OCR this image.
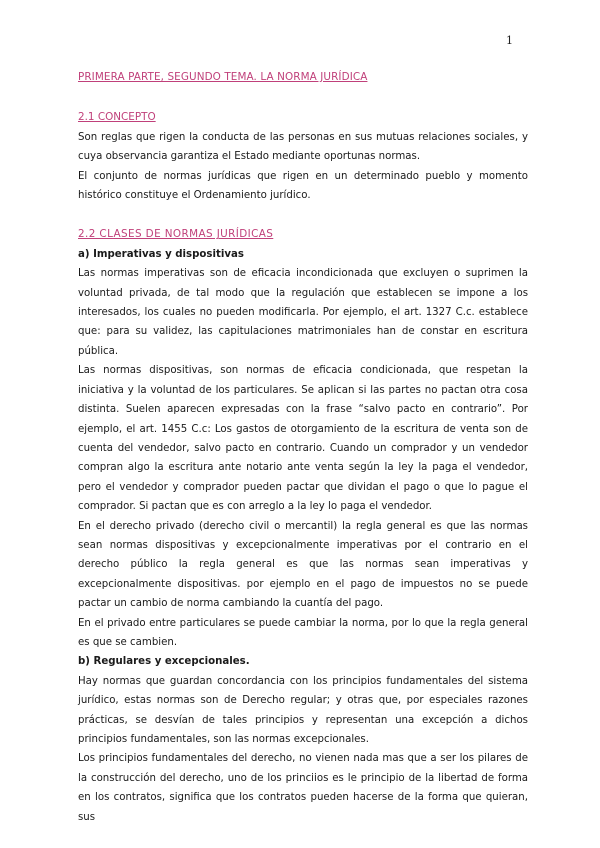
1

PRIMERA PARTE, SEGUNDO TEMA. LA NORMA JURÍDICA

2.1 CONCEPTO

Son reglas que rigen la conducta de las personas en sus mutuas relaciones sociales, y cuya observancia garantiza el Estado mediante oportunas normas.

El conjunto de normas jurídicas que rigen en un determinado pueblo y momento histórico constituye el Ordenamiento jurídico.

2.2 CLASES DE NORMAS JURÍDICAS

a) Imperativas y dispositivas

Las normas imperativas son de eficacia incondicionada que excluyen o suprimen la voluntad privada, de tal modo que la regulación que establecen se impone a los interesados, los cuales no pueden modificarla. Por ejemplo, el art. 1327 C.c. establece que: para su validez, las capitulaciones matrimoniales han de constar en escritura pública.

Las normas dispositivas, son normas de eficacia condicionada, que respetan la iniciativa y la voluntad de los particulares. Se aplican si las partes no pactan otra cosa distinta. Suelen aparecen expresadas con la frase “salvo pacto en contrario”. Por ejemplo, el art. 1455 C.c: Los gastos de otorgamiento de la escritura de venta son de cuenta del vendedor, salvo pacto en contrario. Cuando un comprador y un vendedor compran algo la escritura ante notario ante venta según la ley la paga el vendedor, pero el vendedor y comprador pueden pactar que dividan el pago o que lo pague el comprador. Si pactan que es con arreglo a la ley lo paga el vendedor.

En el derecho privado (derecho civil o mercantil) la regla general es que las normas sean normas dispositivas y excepcionalmente imperativas por el contrario en el derecho público la regla general es que las normas sean imperativas y excepcionalmente dispositivas. por ejemplo en el pago de impuestos no se puede pactar un cambio de norma cambiando la cuantía del pago.

En el privado entre particulares se puede cambiar la norma, por lo que la regla general es que se cambien.

b) Regulares y excepcionales.

Hay normas que guardan concordancia con los principios fundamentales del sistema jurídico, estas normas son de Derecho regular; y otras que, por especiales razones prácticas, se desvían de tales principios y representan una excepción a dichos principios fundamentales, son las normas excepcionales.

Los principios fundamentales del derecho, no vienen nada mas que a ser los pilares de la construcción del derecho, uno de los princiios es le principio de la libertad de forma en los contratos, significa que los contratos pueden hacerse de la forma que quieran, sus
